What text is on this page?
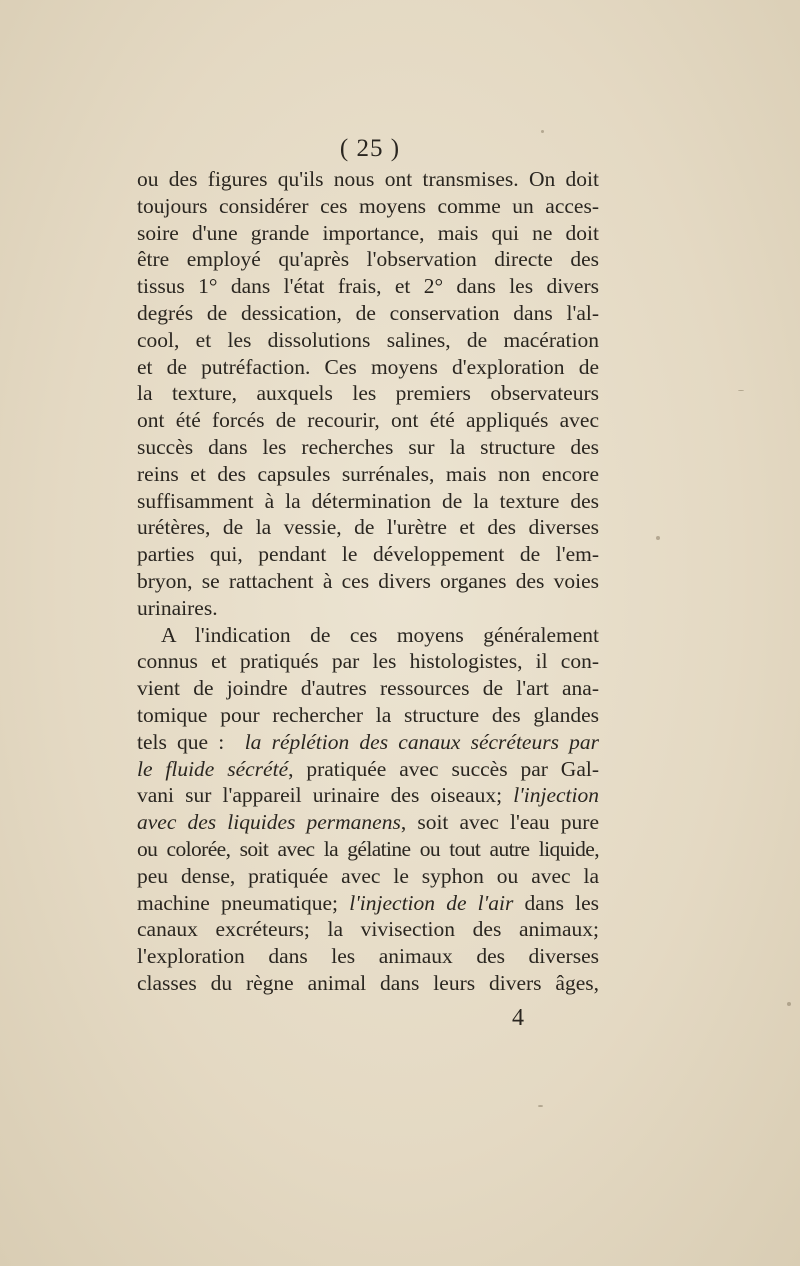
( 25 )
ou des figures qu'ils nous ont transmises. On doit
toujours considérer ces moyens comme un acces-
soire d'une grande importance, mais qui ne doit
être employé qu'après l'observation directe des
tissus 1° dans l'état frais, et 2° dans les divers
degrés de dessication, de conservation dans l'al-
cool, et les dissolutions salines, de macération
et de putréfaction. Ces moyens d'exploration de
la texture, auxquels les premiers observateurs
ont été forcés de recourir, ont été appliqués avec
succès dans les recherches sur la structure des
reins et des capsules surrénales, mais non encore
suffisamment à la détermination de la texture des
urétères, de la vessie, de l'urètre et des diverses
parties qui, pendant le développement de l'em-
bryon, se rattachent à ces divers organes des voies
urinaires.
A l'indication de ces moyens généralement
connus et pratiqués par les histologistes, il con-
vient de joindre d'autres ressources de l'art ana-
tomique pour rechercher la structure des glandes
tels que : la réplétion des canaux sécréteurs par
le fluide sécrété, pratiquée avec succès par Gal-
vani sur l'appareil urinaire des oiseaux; l'injection
avec des liquides permanens, soit avec l'eau pure
ou colorée, soit avec la gélatine ou tout autre liquide,
peu dense, pratiquée avec le syphon ou avec la
machine pneumatique; l'injection de l'air dans les
canaux excréteurs; la vivisection des animaux;
l'exploration dans les animaux des diverses
classes du règne animal dans leurs divers âges,
4
